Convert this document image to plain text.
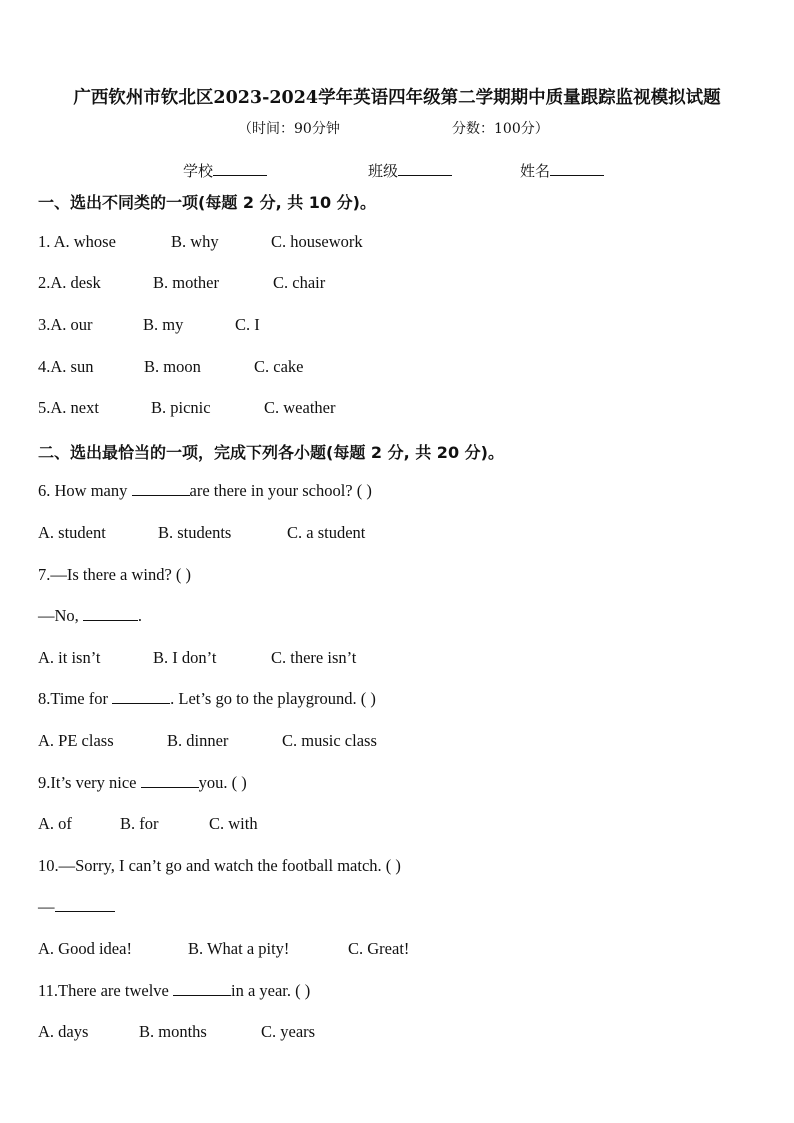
广西钦州市钦北区2023-2024学年英语四年级第二学期期中质量跟踪监视模拟试题
（时间：90分钟	分数：100分）
学校	班级	姓名
一、选出不同类的一项(每题 2 分, 共 10 分)。
1. A. whose	B. why	C. housework
2.A. desk	B. mother	C. chair
3.A. our	B. my	C. I
4.A. sun	B. moon	C. cake
5.A. next	B. picnic	C. weather
二、选出最恰当的一项，完成下列各小题(每题 2 分, 共 20 分)。
6. How many	are there in your school? ( )
A. student	B. students	C. a student
7.—Is there a wind? ( )
—No,	.
A. it isn’t	B. I don’t	C. there isn’t
8.Time for	. Let’s go to the playground. ( )
A. PE class	B. dinner	C. music class
9.It’s very nice	you. ( )
A. of	B. for	C. with
10.—Sorry, I can’t go and watch the football match. ( )
—
A. Good idea!	B. What a pity!	C. Great!
11.There are twelve	in a year. ( )
A. days	B. months	C. years
